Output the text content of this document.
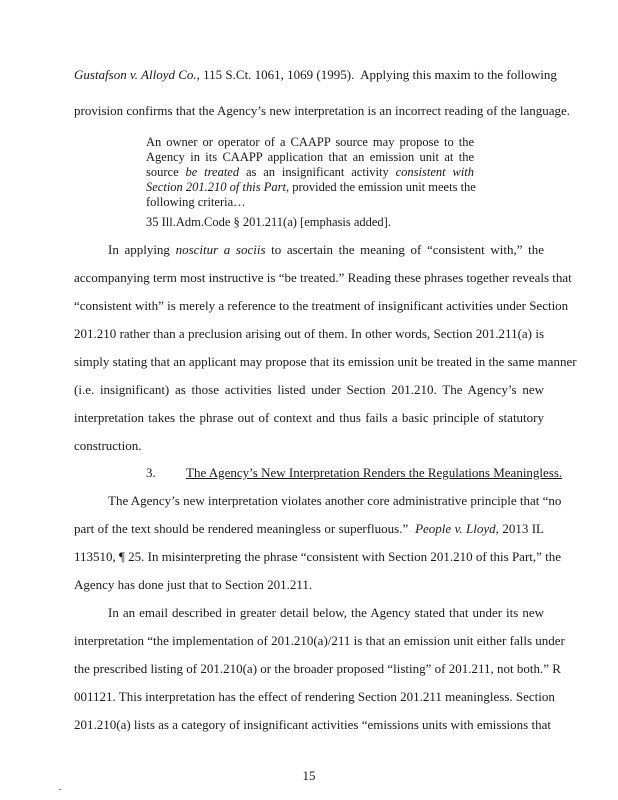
Gustafson v. Alloyd Co., 115 S.Ct. 1061, 1069 (1995).  Applying this maxim to the following
provision confirms that the Agency’s new interpretation is an incorrect reading of the language.
An owner or operator of a CAAPP source may propose to the
Agency in its CAAPP application that an emission unit at the
source be treated as an insignificant activity consistent with
Section 201.210 of this Part, provided the emission unit meets the
following criteria…
35 Ill.Adm.Code § 201.211(a) [emphasis added].
In applying noscitur a sociis to ascertain the meaning of “consistent with,” the
accompanying term most instructive is “be treated.” Reading these phrases together reveals that
“consistent with” is merely a reference to the treatment of insignificant activities under Section
201.210 rather than a preclusion arising out of them. In other words, Section 201.211(a) is
simply stating that an applicant may propose that its emission unit be treated in the same manner
(i.e. insignificant) as those activities listed under Section 201.210. The Agency’s new
interpretation takes the phrase out of context and thus fails a basic principle of statutory
construction.
3. The Agency’s New Interpretation Renders the Regulations Meaningless.
The Agency’s new interpretation violates another core administrative principle that “no
part of the text should be rendered meaningless or superfluous.”  People v. Lloyd, 2013 IL
113510, ¶ 25. In misinterpreting the phrase “consistent with Section 201.210 of this Part,” the
Agency has done just that to Section 201.211.
In an email described in greater detail below, the Agency stated that under its new
interpretation “the implementation of 201.210(a)/211 is that an emission unit either falls under
the prescribed listing of 201.210(a) or the broader proposed “listing” of 201.211, not both.” R
001121. This interpretation has the effect of rendering Section 201.211 meaningless. Section
201.210(a) lists as a category of insignificant activities “emissions units with emissions that
15
.
